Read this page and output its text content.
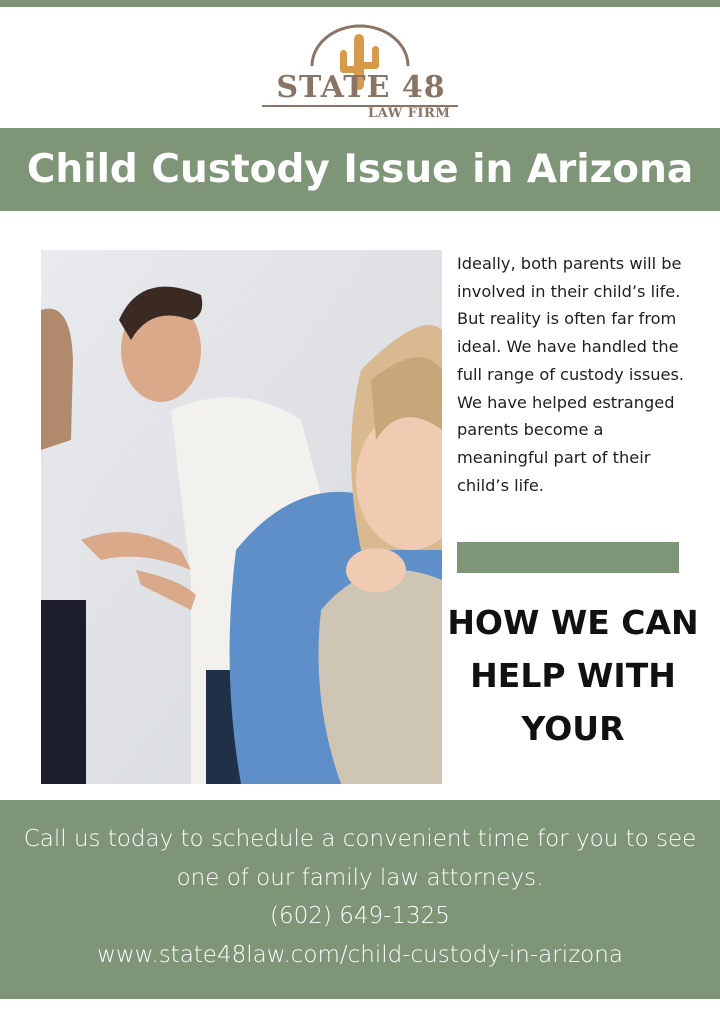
STATE 48
LAW FIRM
Child Custody Issue in Arizona
Ideally, both parents will be involved in their child’s life. But reality is often far from ideal. We have handled the full range of custody issues. We have helped estranged parents become a meaningful part of their child’s life.
HOW WE CAN HELP WITH YOUR
Call us today to schedule a convenient time for you to see
one of our family law attorneys.
(602) 649-1325
www.state48law.com/child-custody-in-arizona
